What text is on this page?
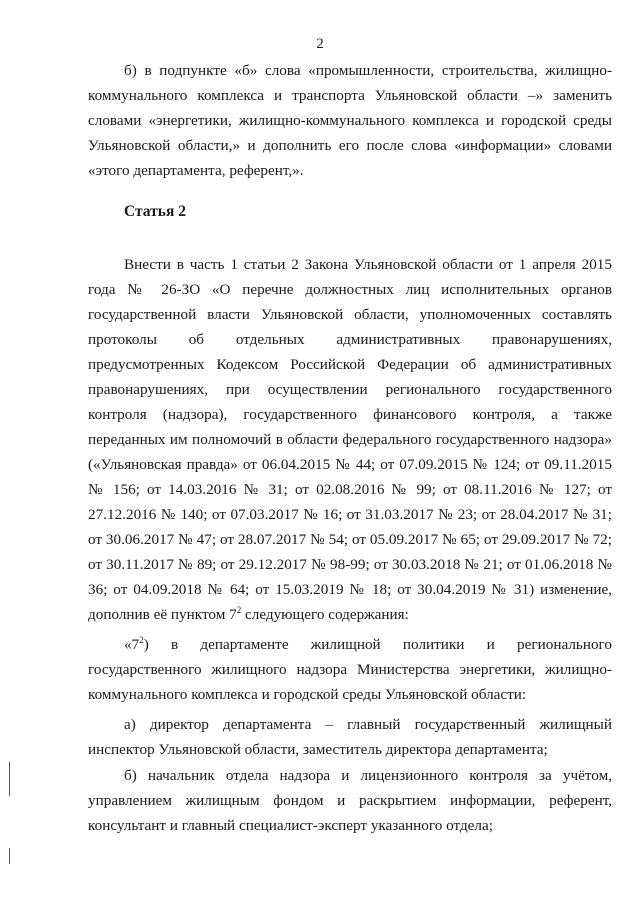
2

б) в подпункте «б» слова «промышленности, строительства, жилищно-коммунального комплекса и транспорта Ульяновской области –» заменить словами «энергетики, жилищно-коммунального комплекса и городской среды Ульяновской области,» и дополнить его после слова «информации» словами «этого департамента, референт,».

Статья 2

Внести в часть 1 статьи 2 Закона Ульяновской области от 1 апреля 2015 года № 26-ЗО «О перечне должностных лиц исполнительных органов государственной власти Ульяновской области, уполномоченных составлять протоколы об отдельных административных правонарушениях, предусмотренных Кодексом Российской Федерации об административных правонарушениях, при осуществлении регионального государственного контроля (надзора), государственного финансового контроля, а также переданных им полномочий в области федерального государственного надзора» («Ульяновская правда» от 06.04.2015 № 44; от 07.09.2015 № 124; от 09.11.2015 № 156; от 14.03.2016 № 31; от 02.08.2016 № 99; от 08.11.2016 № 127; от 27.12.2016 № 140; от 07.03.2017 № 16; от 31.03.2017 № 23; от 28.04.2017 № 31; от 30.06.2017 № 47; от 28.07.2017 № 54; от 05.09.2017 № 65; от 29.09.2017 № 72; от 30.11.2017 № 89; от 29.12.2017 № 98-99; от 30.03.2018 № 21; от 01.06.2018 № 36; от 04.09.2018 № 64; от 15.03.2019 № 18; от 30.04.2019 № 31) изменение, дополнив её пунктом $7^2$ следующего содержания:

«$7^2$) в департаменте жилищной политики и регионального государственного жилищного надзора Министерства энергетики, жилищно-коммунального комплекса и городской среды Ульяновской области:

а) директор департамента – главный государственный жилищный инспектор Ульяновской области, заместитель директора департамента;

б) начальник отдела надзора и лицензионного контроля за учётом, управлением жилищным фондом и раскрытием информации, референт, консультант и главный специалист-эксперт указанного отдела;
